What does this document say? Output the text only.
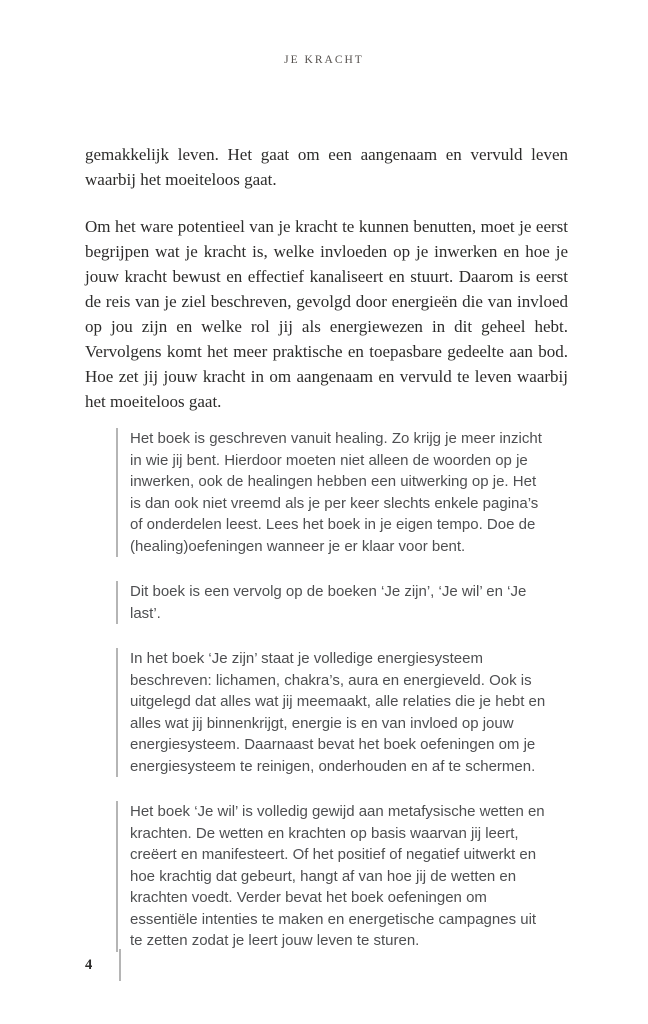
JE KRACHT

gemakkelijk leven. Het gaat om een aangenaam en vervuld leven waarbij het moeiteloos gaat.

Om het ware potentieel van je kracht te kunnen benutten, moet je eerst begrijpen wat je kracht is, welke invloeden op je inwerken en hoe je jouw kracht bewust en effectief kanaliseert en stuurt. Daarom is eerst de reis van je ziel beschreven, gevolgd door energieën die van invloed op jou zijn en welke rol jij als energiewezen in dit geheel hebt. Vervolgens komt het meer praktische en toepasbare gedeelte aan bod. Hoe zet jij jouw kracht in om aangenaam en vervuld te leven waarbij het moeiteloos gaat.

Het boek is geschreven vanuit healing. Zo krijg je meer inzicht in wie jij bent. Hierdoor moeten niet alleen de woorden op je inwerken, ook de healingen hebben een uitwerking op je. Het is dan ook niet vreemd als je per keer slechts enkele pagina’s of onderdelen leest. Lees het boek in je eigen tempo. Doe de (healing)oefeningen wanneer je er klaar voor bent.
Dit boek is een vervolg op de boeken ‘Je zijn’, ‘Je wil’ en ‘Je last’.
In het boek ‘Je zijn’ staat je volledige energiesysteem beschreven: lichamen, chakra’s, aura en energieveld. Ook is uitgelegd dat alles wat jij meemaakt, alle relaties die je hebt en alles wat jij binnenkrijgt, energie is en van invloed op jouw energiesysteem. Daarnaast bevat het boek oefeningen om je energiesysteem te reinigen, onderhouden en af te schermen.
Het boek ‘Je wil’ is volledig gewijd aan metafysische wetten en krachten. De wetten en krachten op basis waarvan jij leert, creëert en manifesteert. Of het positief of negatief uitwerkt en hoe krachtig dat gebeurt, hangt af van hoe jij de wetten en krachten voedt. Verder bevat het boek oefeningen om essentiële intenties te maken en energetische campagnes uit te zetten zodat je leert jouw leven te sturen.
4
